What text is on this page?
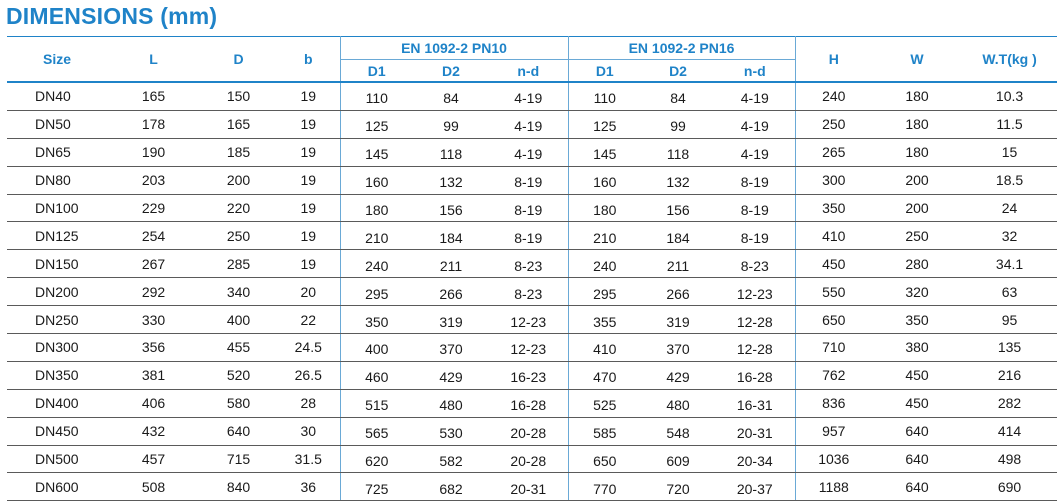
DIMENSIONS (mm)
Size	L	D	b	EN 1092-2 PN10			EN 1092-2 PN16			H	W	W.T(kg )
				D1	D2	n-d	D1	D2	n-d			
DN40	165	150	19	110	84	4-19	110	84	4-19	240	180	10.3
DN50	178	165	19	125	99	4-19	125	99	4-19	250	180	11.5
DN65	190	185	19	145	118	4-19	145	118	4-19	265	180	15
DN80	203	200	19	160	132	8-19	160	132	8-19	300	200	18.5
DN100	229	220	19	180	156	8-19	180	156	8-19	350	200	24
DN125	254	250	19	210	184	8-19	210	184	8-19	410	250	32
DN150	267	285	19	240	211	8-23	240	211	8-23	450	280	34.1
DN200	292	340	20	295	266	8-23	295	266	12-23	550	320	63
DN250	330	400	22	350	319	12-23	355	319	12-28	650	350	95
DN300	356	455	24.5	400	370	12-23	410	370	12-28	710	380	135
DN350	381	520	26.5	460	429	16-23	470	429	16-28	762	450	216
DN400	406	580	28	515	480	16-28	525	480	16-31	836	450	282
DN450	432	640	30	565	530	20-28	585	548	20-31	957	640	414
DN500	457	715	31.5	620	582	20-28	650	609	20-34	1036	640	498
DN600	508	840	36	725	682	20-31	770	720	20-37	1188	640	690
